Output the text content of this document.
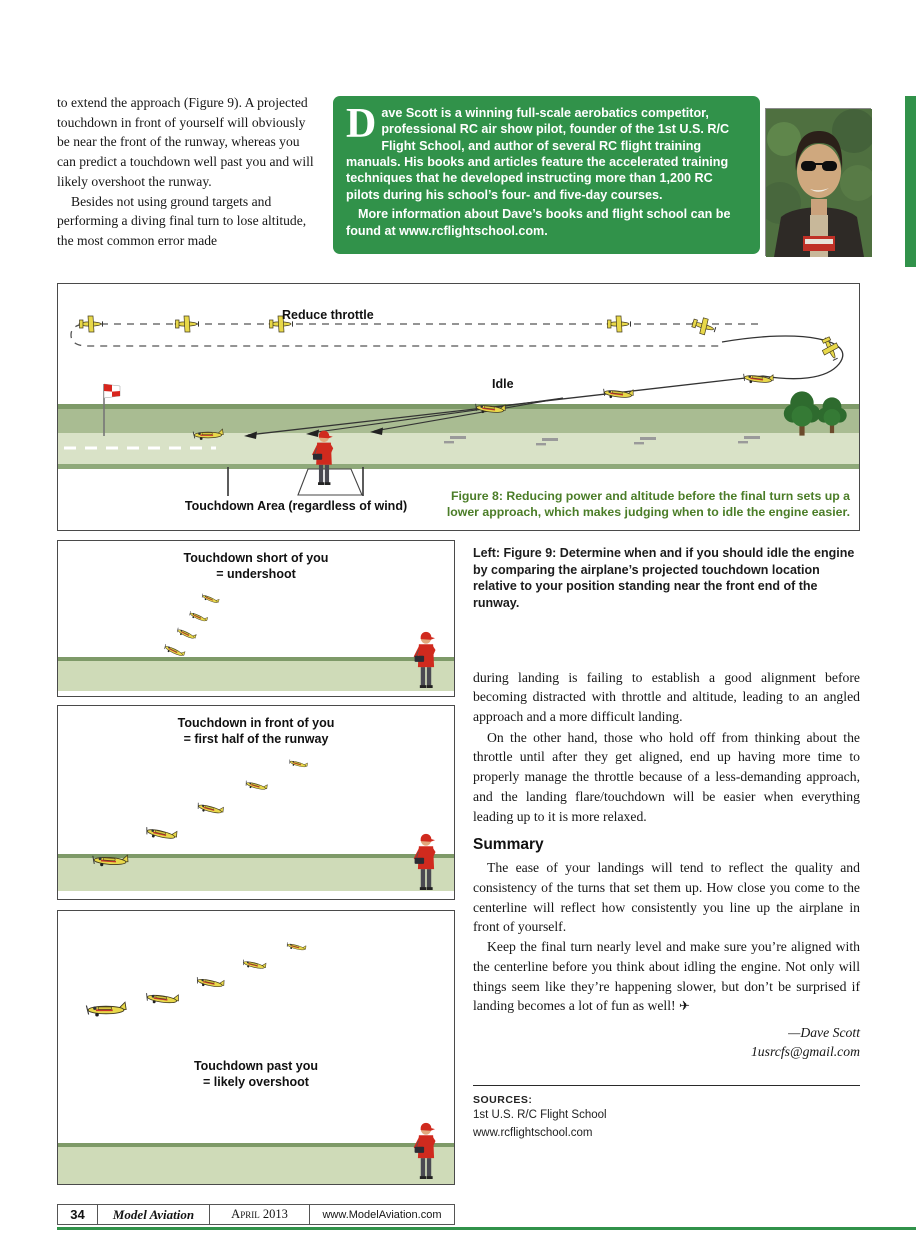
to extend the approach (Figure 9). A projected touchdown in front of yourself will obviously be near the front of the runway, whereas you can predict a touchdown well past you and will likely overshoot the runway.

Besides not using ground targets and performing a diving final turn to lose altitude, the most common error made

D ave Scott is a winning full-scale aerobatics competitor, professional RC air show pilot, founder of the 1st U.S. R/C Flight School, and author of several RC flight training manuals. His books and articles feature the accelerated training techniques that he developed instructing more than 1,200 RC pilots during his school’s four- and five-day courses.

More information about Dave’s books and flight school can be found at www.rcflightschool.com.

Reduce throttle
Idle
Touchdown Area (regardless of wind)
Figure 8: Reducing power and altitude before the final turn sets up a lower approach, which makes judging when to idle the engine easier.
Touchdown short of you
= undershoot
Touchdown in front of you
= first half of the runway
Touchdown past you
= likely overshoot
Left: Figure 9: Determine when and if you should idle the engine by comparing the airplane’s projected touchdown location relative to your position standing near the front end of the runway.

during landing is failing to establish a good alignment before becoming distracted with throttle and altitude, leading to an angled approach and a more difficult landing.

On the other hand, those who hold off from thinking about the throttle until after they get aligned, end up having more time to properly manage the throttle because of a less-demanding approach, and the landing flare/touchdown will be easier when everything leading up to it is more relaxed.

Summary

The ease of your landings will tend to reflect the quality and consistency of the turns that set them up. How close you come to the centerline will reflect how consistently you line up the airplane in front of yourself.

Keep the final turn nearly level and make sure you’re aligned with the centerline before you think about idling the engine. Not only will things seem like they’re happening slower, but don’t be surprised if landing becomes a lot of fun as well! ✈

—Dave Scott
1usrcfs@gmail.com
SOURCES:
1st U.S. R/C Flight School
www.rcflightschool.com
34	Model Aviation	April 2013	www.ModelAviation.com
